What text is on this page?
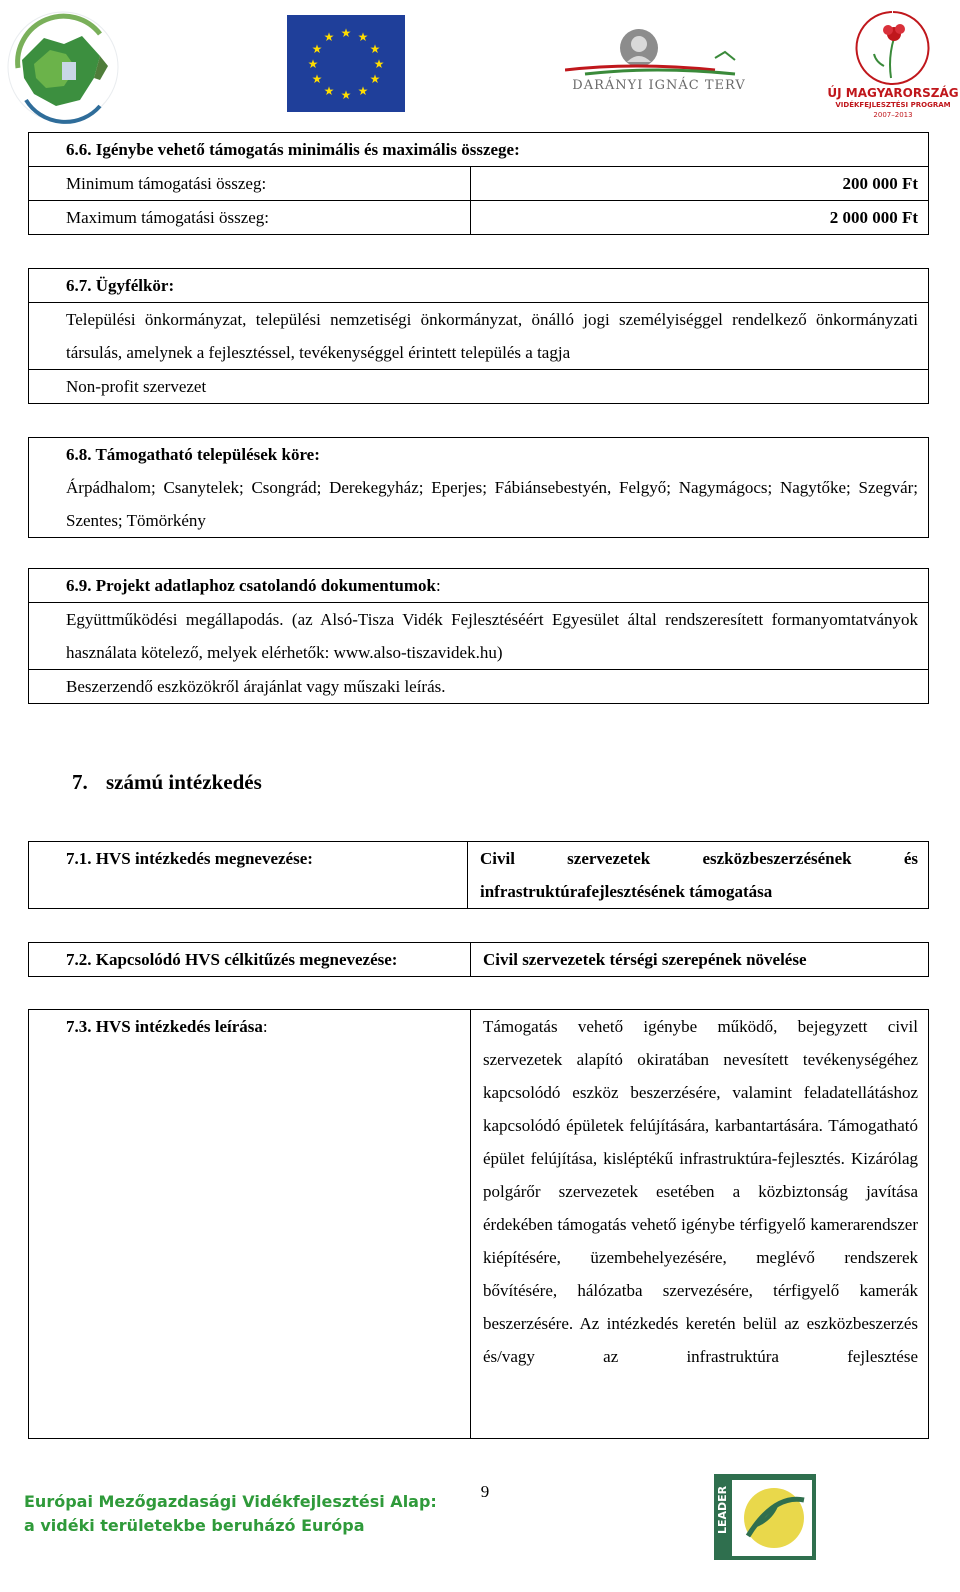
★ ★
★
★
★
★
★
★
★
★
★
★
DARÁNYI IGNÁC TERV	ÚJ MAGYARORSZÁG
VIDÉKFEJLESZTÉSI PROGRAM
2007–2013
6.6. Igénybe vehető támogatás minimális és maximális összege:
Minimum támogatási összeg:	200 000 Ft
Maximum támogatási összeg:	2 000 000 Ft
6.7. Ügyfélkör:
Települési önkormányzat, települési nemzetiségi önkormányzat, önálló jogi személyiséggel rendelkező önkormányzati társulás, amelynek a fejlesztéssel, tevékenységgel érintett település a tagja
Non-profit szervezet
6.8. Támogatható települések köre:
Árpádhalom; Csanytelek; Csongrád; Derekegyház; Eperjes; Fábiánsebestyén, Felgyő; Nagymágocs; Nagytőke; Szegvár; Szentes; Tömörkény
6.9. Projekt adatlaphoz csatolandó dokumentumok:
Együttműködési megállapodás. (az Alsó-Tisza Vidék Fejlesztéséért Egyesület által rendszeresített formanyomtatványok használata kötelező, melyek elérhetők: www.also-tiszavidek.hu)
Beszerzendő eszközökről árajánlat vagy műszaki leírás.
7. számú intézkedés
7.1. HVS intézkedés megnevezése:	Civil szervezetek eszközbeszerzésének és infrastruktúrafejlesztésének támogatása
7.2. Kapcsolódó HVS célkitűzés megnevezése:	Civil szervezetek térségi szerepének növelése
7.3. HVS intézkedés leírása:	Támogatás vehető igénybe működő, bejegyzett civil szervezetek alapító okiratában nevesített tevékenységéhez kapcsolódó eszköz beszerzésére, valamint feladatellátáshoz kapcsolódó épületek felújítására, karbantartására. Támogatható épület felújítása, kisléptékű infrastruktúra-fejlesztés. Kizárólag polgárőr szervezetek esetében a közbiztonság javítása érdekében támogatás vehető igénybe térfigyelő kamerarendszer kiépítésére, üzembehelyezésére, meglévő rendszerek bővítésére, hálózatba szervezésére, térfigyelő kamerák beszerzésére. Az intézkedés keretén belül az eszközbeszerzés és/vagy az infrastruktúra fejlesztése
9
Európai Mezőgazdasági Vidékfejlesztési Alap:
a vidéki területekbe beruházó Európa	LEADER
